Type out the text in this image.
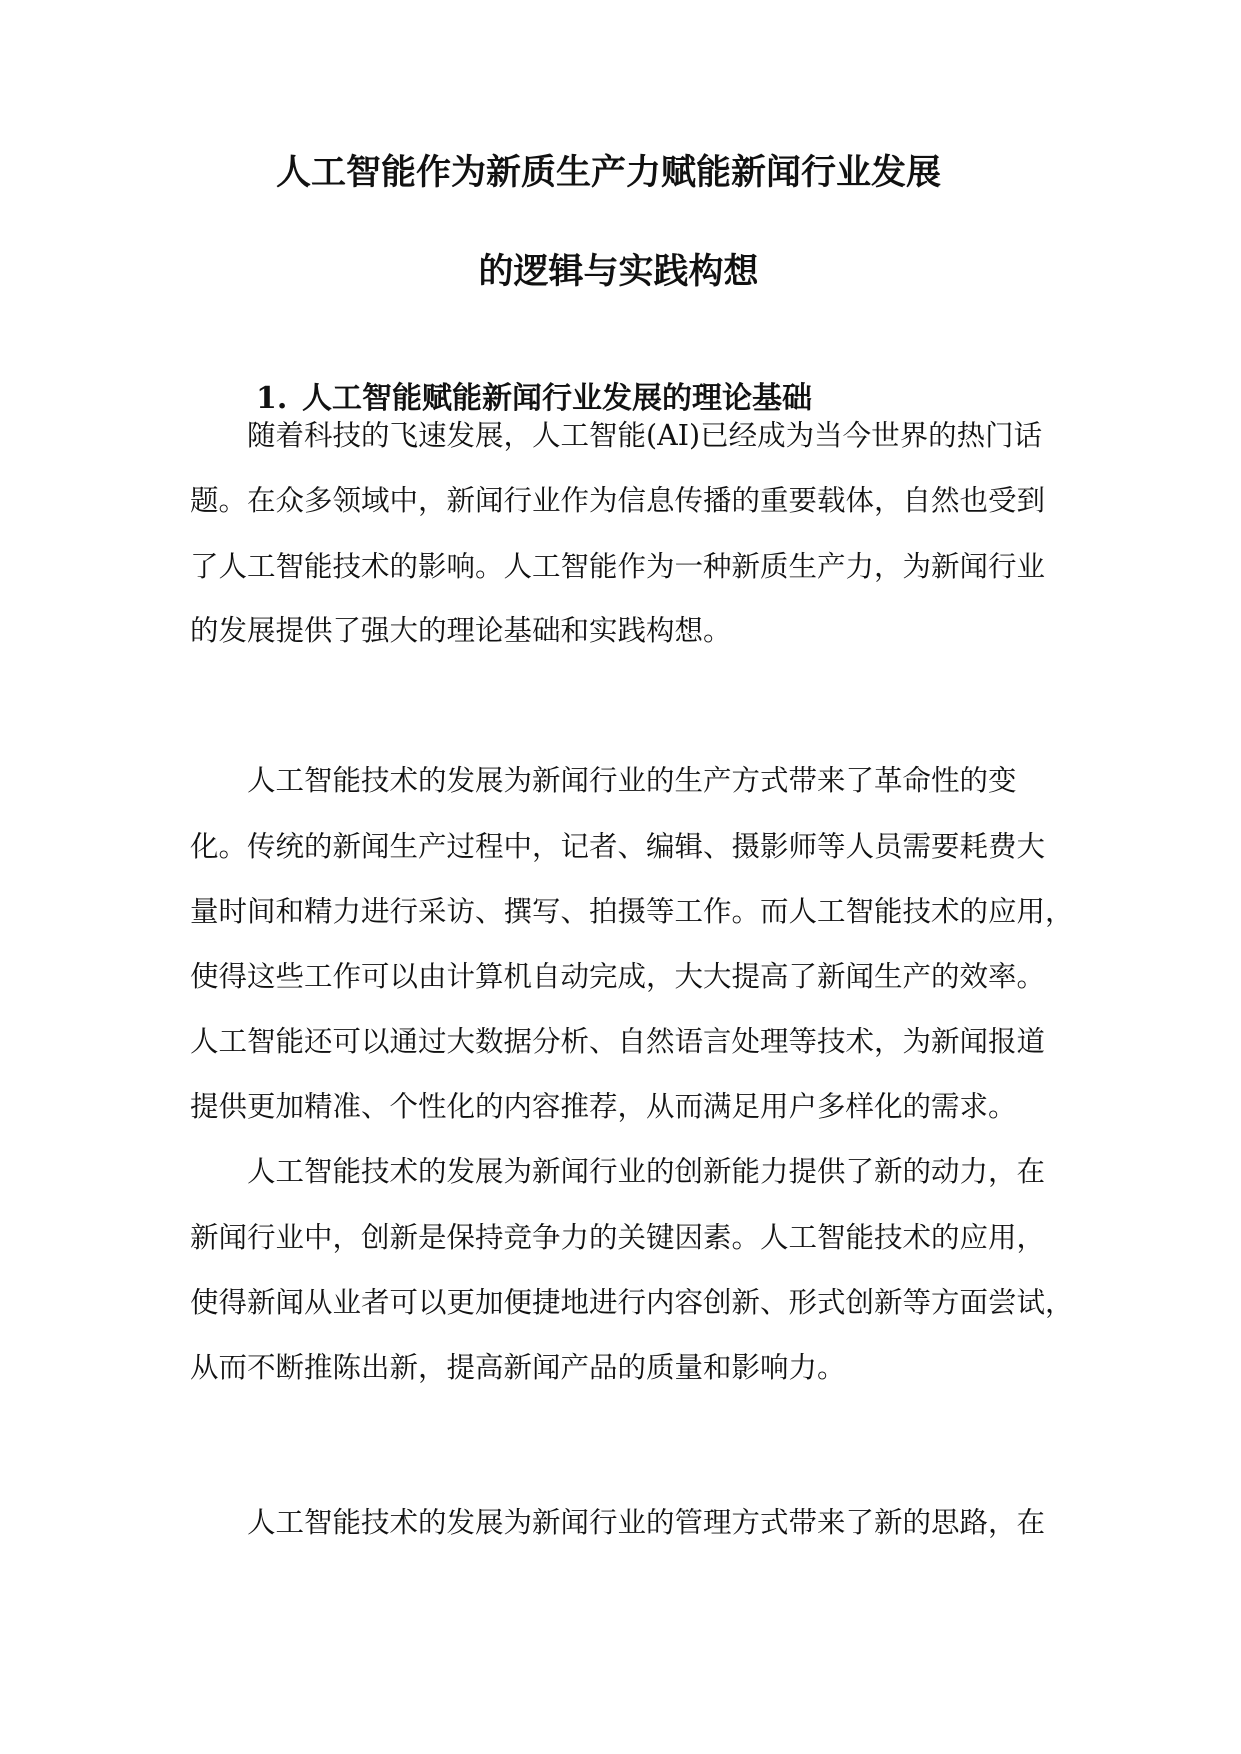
人工智能作为新质生产力赋能新闻行业发展
的逻辑与实践构想
1. 人工智能赋能新闻行业发展的理论基础
随着科技的飞速发展，人工智能(AI)已经成为当今世界的热门话
题。在众多领域中，新闻行业作为信息传播的重要载体，自然也受到
了人工智能技术的影响。人工智能作为一种新质生产力，为新闻行业
的发展提供了强大的理论基础和实践构想。
人工智能技术的发展为新闻行业的生产方式带来了革命性的变
化。传统的新闻生产过程中，记者、编辑、摄影师等人员需要耗费大
量时间和精力进行采访、撰写、拍摄等工作。而人工智能技术的应用，
使得这些工作可以由计算机自动完成，大大提高了新闻生产的效率。
人工智能还可以通过大数据分析、自然语言处理等技术，为新闻报道
提供更加精准、个性化的内容推荐，从而满足用户多样化的需求。
人工智能技术的发展为新闻行业的创新能力提供了新的动力，在
新闻行业中，创新是保持竞争力的关键因素。人工智能技术的应用，
使得新闻从业者可以更加便捷地进行内容创新、形式创新等方面尝试，
从而不断推陈出新，提高新闻产品的质量和影响力。
人工智能技术的发展为新闻行业的管理方式带来了新的思路，在
